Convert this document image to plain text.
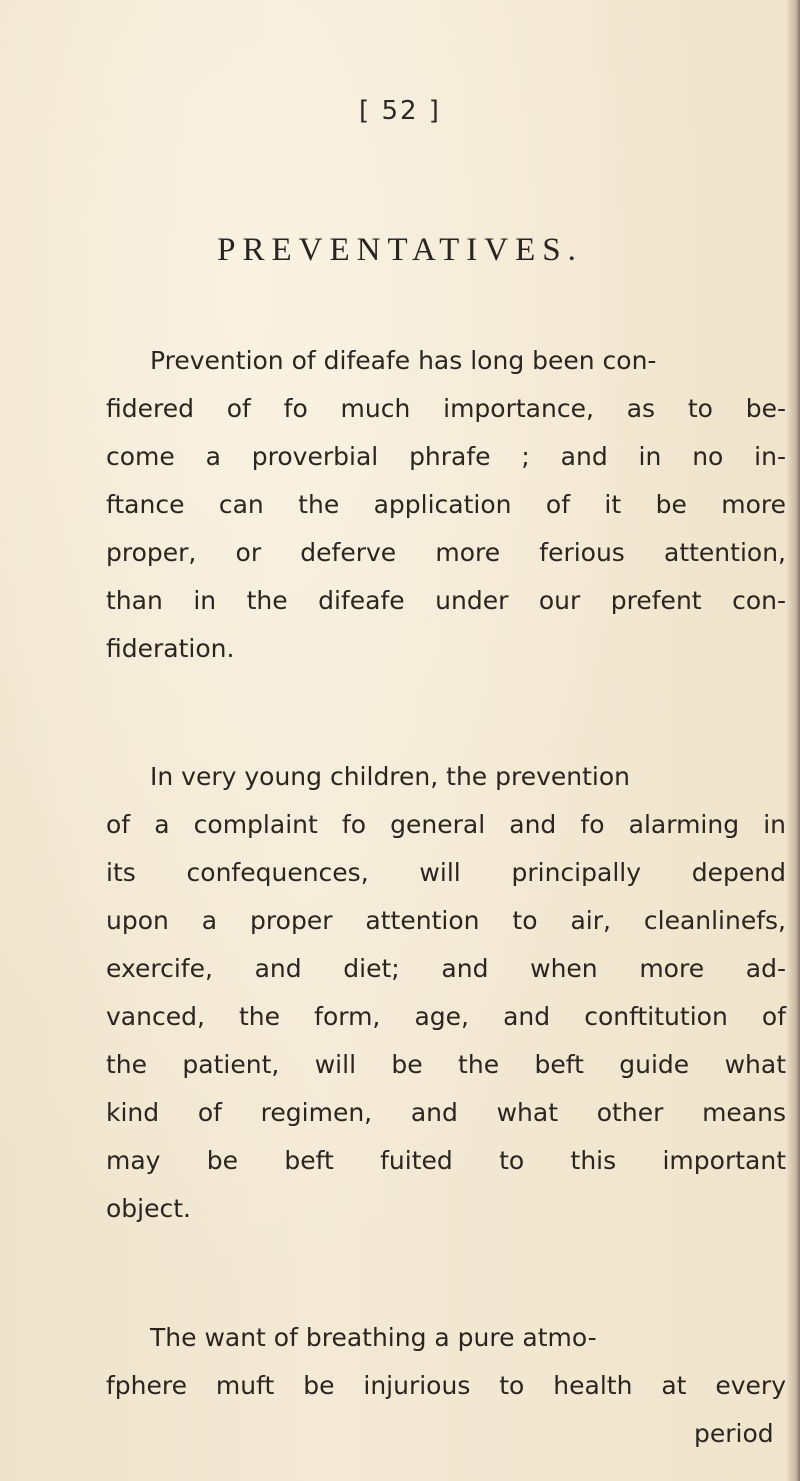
[ 52 ]
PREVENTATIVES.
Prevention of difeafe has long been con-
fidered of fo much importance, as to be-
come a proverbial phrafe ; and in no in-
ftance can the application of it be more
proper, or deferve more ferious attention,
than in the difeafe under our prefent con-
fideration.
In very young children, the prevention
of a complaint fo general and fo alarming in
its confequences, will principally depend
upon a proper attention to air, cleanlinefs,
exercife, and diet; and when more ad-
vanced, the form, age, and conftitution of
the patient, will be the beft guide what
kind of regimen, and what other means
may be beft fuited to this important
object.
The want of breathing a pure atmo-
fphere muft be injurious to health at every
period
